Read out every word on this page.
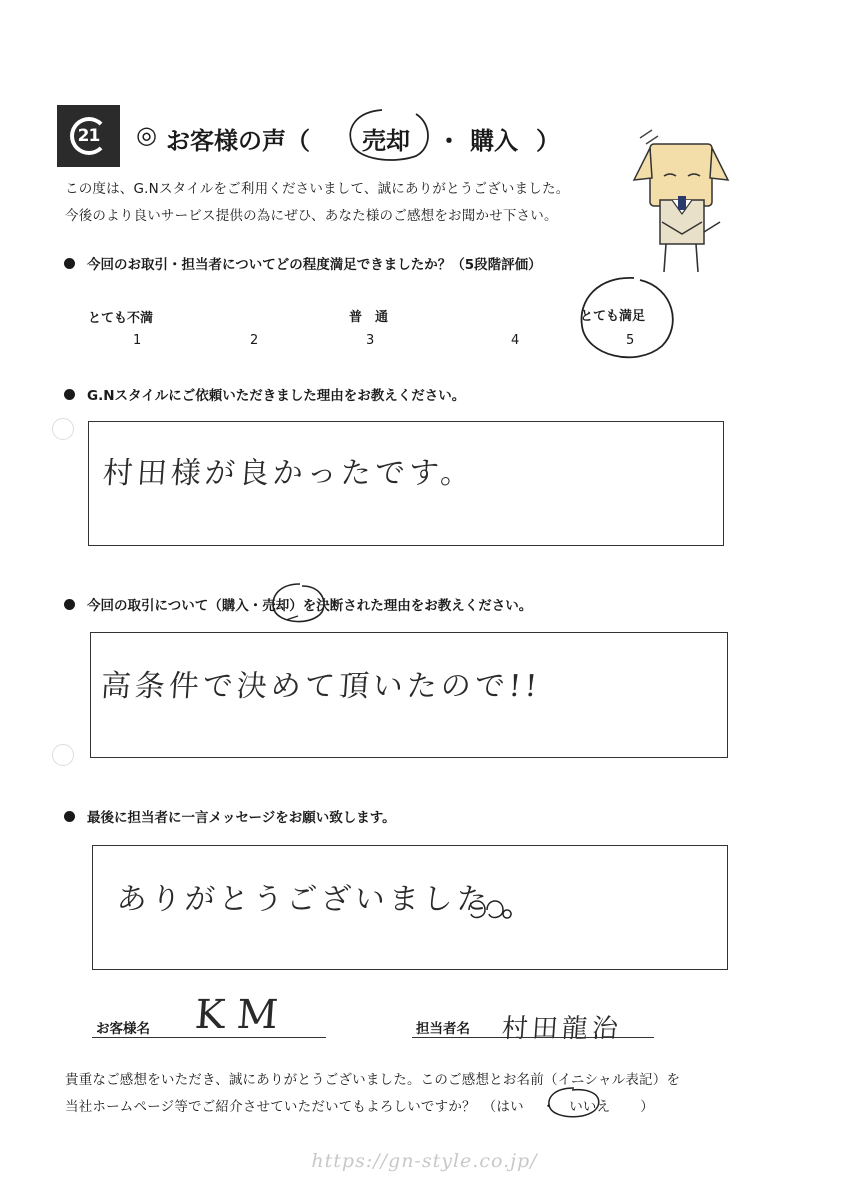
21 ◎ お客様の声（ 売却 ・ 購入 ）
この度は、G.Nスタイルをご利用くださいまして、誠にありがとうございました。
今後のより良いサービス提供の為にぜひ、あなた様のご感想をお聞かせ下さい。
今回のお取引・担当者についてどの程度満足できましたか？（5段階評価）
とても不満	普　通	とても満足
1	2	3	4	5
G.Nスタイルにご依頼いただきました理由をお教えください。
村田様が良かったです。
今回の取引について（購入・売却）を決断された理由をお教えください。
高条件で決めて頂いたので!!
最後に担当者に一言メッセージをお願い致します。
ありがとうございました
お客様名 KM	担当者名 村田龍治
貴重なご感想をいただき、誠にありがとうございました。このご感想とお名前（イニシャル表記）を
当社ホームページ等でご紹介させていただいてもよろしいですか？　（はい ・　いいえ ）
https://gn-style.co.jp/
